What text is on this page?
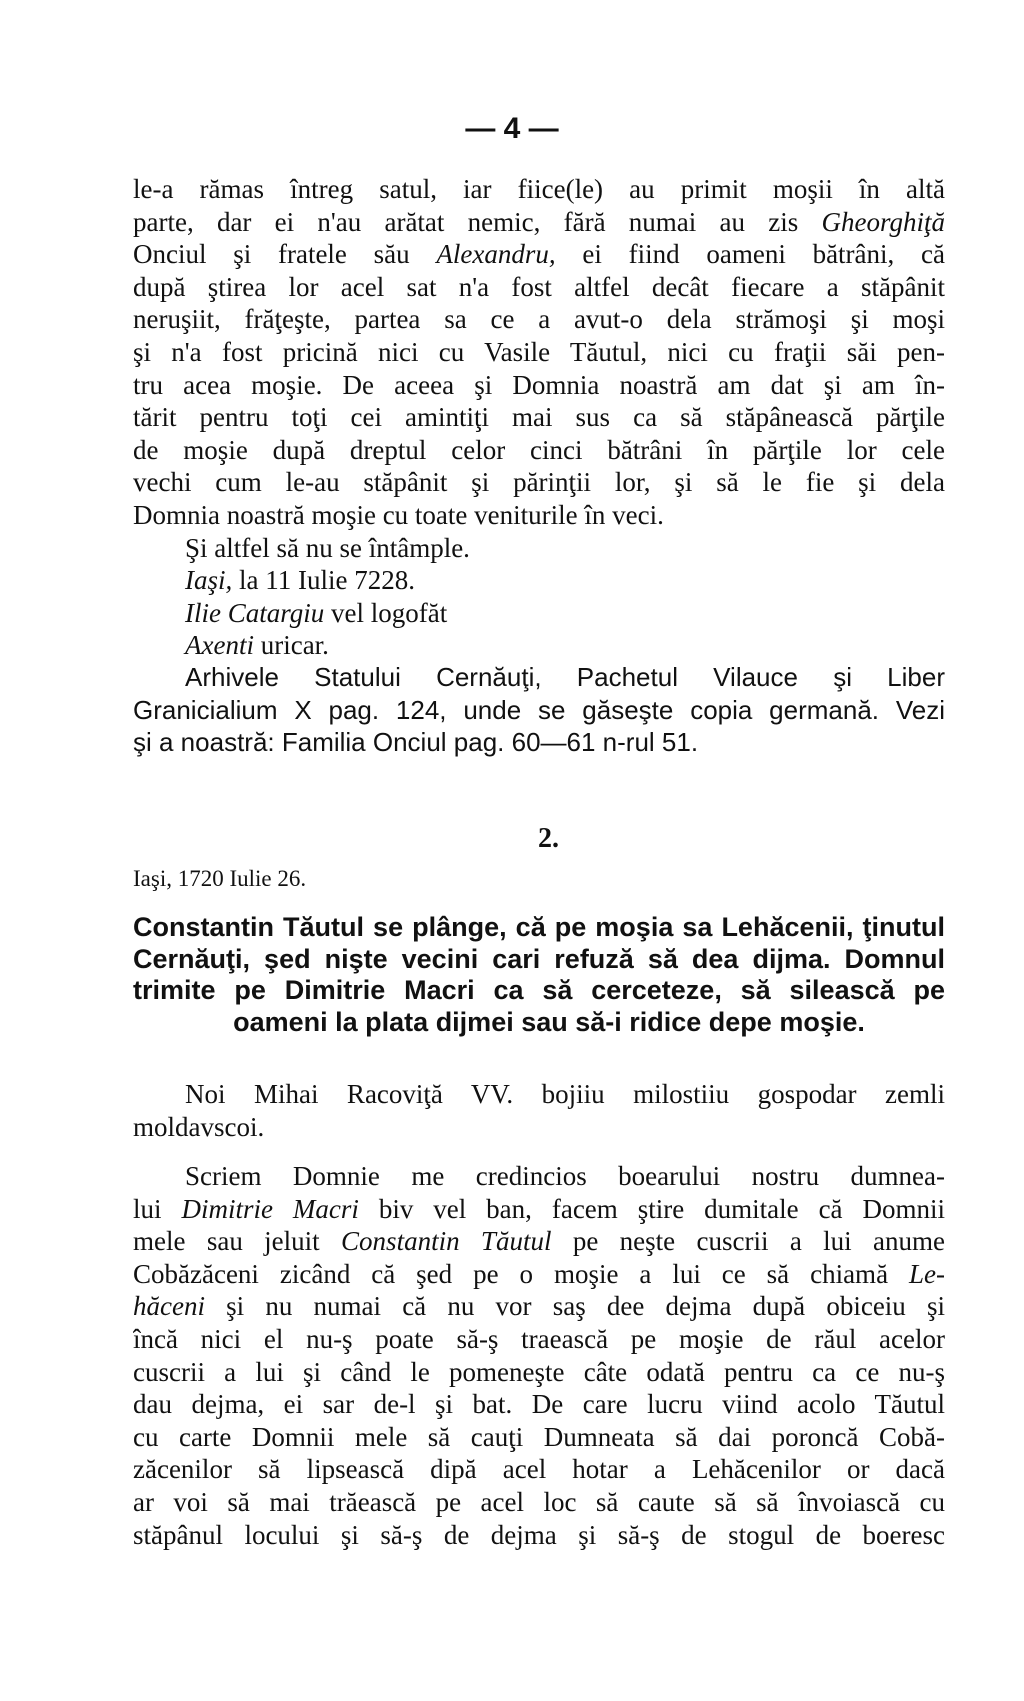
— 4 —
le-a rămas întreg satul, iar fiice(le) au primit moşii în altă
parte, dar ei n'au arătat nemic, fără numai au zis Gheorghiţă
Onciul şi fratele său Alexandru, ei fiind oameni bătrâni, că
după ştirea lor acel sat n'a fost altfel decât fiecare a stăpânit
neruşiit, frăţeşte, partea sa ce a avut-o dela strămoşi şi moşi
şi n'a fost pricină nici cu Vasile Tăutul, nici cu fraţii săi pen-
tru acea moşie. De aceea şi Domnia noastră am dat şi am în-
tărit pentru toţi cei amintiţi mai sus ca să stăpânească părţile
de moşie după dreptul celor cinci bătrâni în părţile lor cele
vechi cum le-au stăpânit şi părinţii lor, şi să le fie şi dela
Domnia noastră moşie cu toate veniturile în veci.
Şi altfel să nu se întâmple.
Iaşi, la 11 Iulie 7228.
Ilie Catargiu vel logofăt
Axenti uricar.
Arhivele Statului Cernăuţi, Pachetul Vilauce şi Liber
Granicialium X pag. 124, unde se găseşte copia germană. Vezi
şi a noastră: Familia Onciul pag. 60—61 n-rul 51.
2.
Iaşi, 1720 Iulie 26.
Constantin Tăutul se plânge, că pe moşia sa Lehăcenii, ţinutul
Cernăuţi, şed nişte vecini cari refuză să dea dijma. Domnul
trimite pe Dimitrie Macri ca să cerceteze, să silească pe
oameni la plata dijmei sau să-i ridice depe moşie.
Noi Mihai Racoviţă VV. bojiiu milostiiu gospodar zemli
moldavscoi.
Scriem Domnie me credincios boearului nostru dumnea-
lui Dimitrie Macri biv vel ban, facem ştire dumitale că Domnii
mele sau jeluit Constantin Tăutul pe neşte cuscrii a lui anume
Cobăzăceni zicând că şed pe o moşie a lui ce să chiamă Le-
hăceni şi nu numai că nu vor saş dee dejma după obiceiu şi
încă nici el nu-ş poate să-ş traească pe moşie de răul acelor
cuscrii a lui şi când le pomeneşte câte odată pentru ca ce nu-ş
dau dejma, ei sar de-l şi bat. De care lucru viind acolo Tăutul
cu carte Domnii mele să cauţi Dumneata să dai poroncă Cobă-
zăcenilor să lipsească dipă acel hotar a Lehăcenilor or dacă
ar voi să mai trăească pe acel loc să caute să să învoiască cu
stăpânul locului şi să-ş de dejma şi să-ş de stogul de boeresc
